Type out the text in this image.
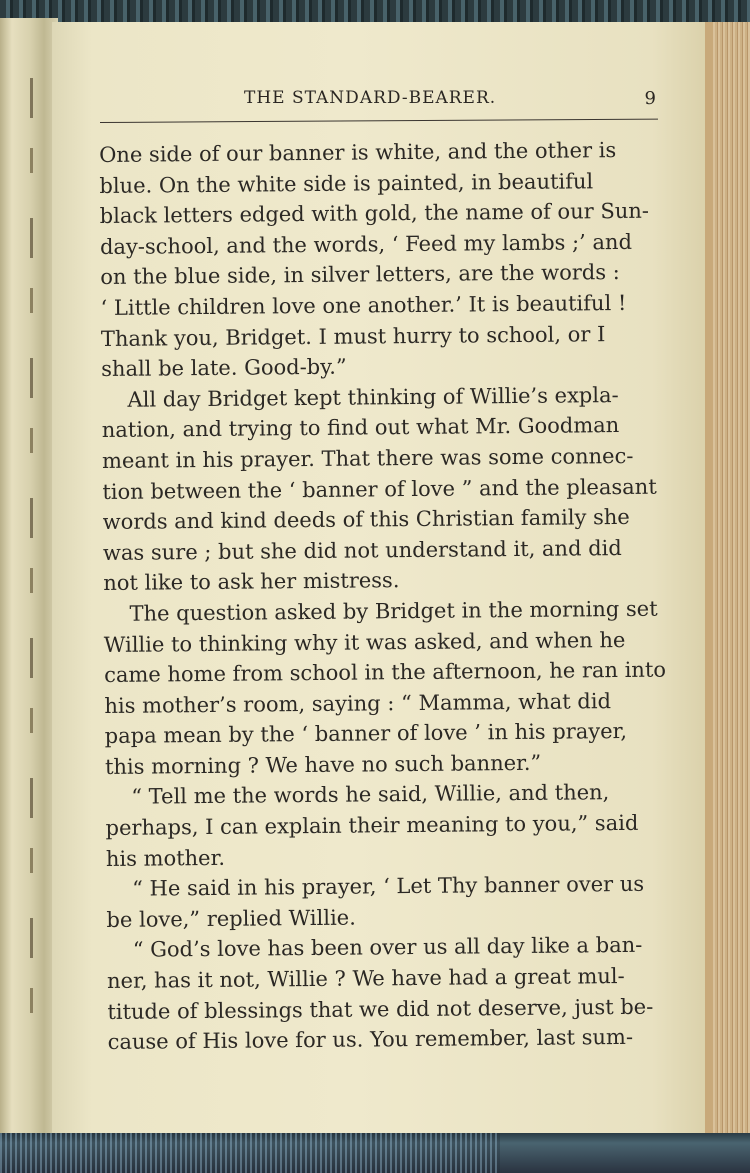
THE STANDARD-BEARER.	9

One side of our banner is white, and the other is
blue. On the white side is painted, in beautiful
black letters edged with gold, the name of our Sun-
day-school, and the words, ‘ Feed my lambs ;’ and
on the blue side, in silver letters, are the words :
‘ Little children love one another.’ It is beautiful !
Thank you, Bridget. I must hurry to school, or I
shall be late. Good-by.”

All day Bridget kept thinking of Willie’s expla-
nation, and trying to find out what Mr. Goodman
meant in his prayer. That there was some connec-
tion between the ‘ banner of love ” and the pleasant
words and kind deeds of this Christian family she
was sure ; but she did not understand it, and did
not like to ask her mistress.

The question asked by Bridget in the morning set
Willie to thinking why it was asked, and when he
came home from school in the afternoon, he ran into
his mother’s room, saying : “ Mamma, what did
papa mean by the ‘ banner of love ’ in his prayer,
this morning ? We have no such banner.”

“ Tell me the words he said, Willie, and then,
perhaps, I can explain their meaning to you,” said
his mother.

“ He said in his prayer, ‘ Let Thy banner over us
be love,” replied Willie.

“ God’s love has been over us all day like a ban-
ner, has it not, Willie ? We have had a great mul-
titude of blessings that we did not deserve, just be-
cause of His love for us. You remember, last sum-
